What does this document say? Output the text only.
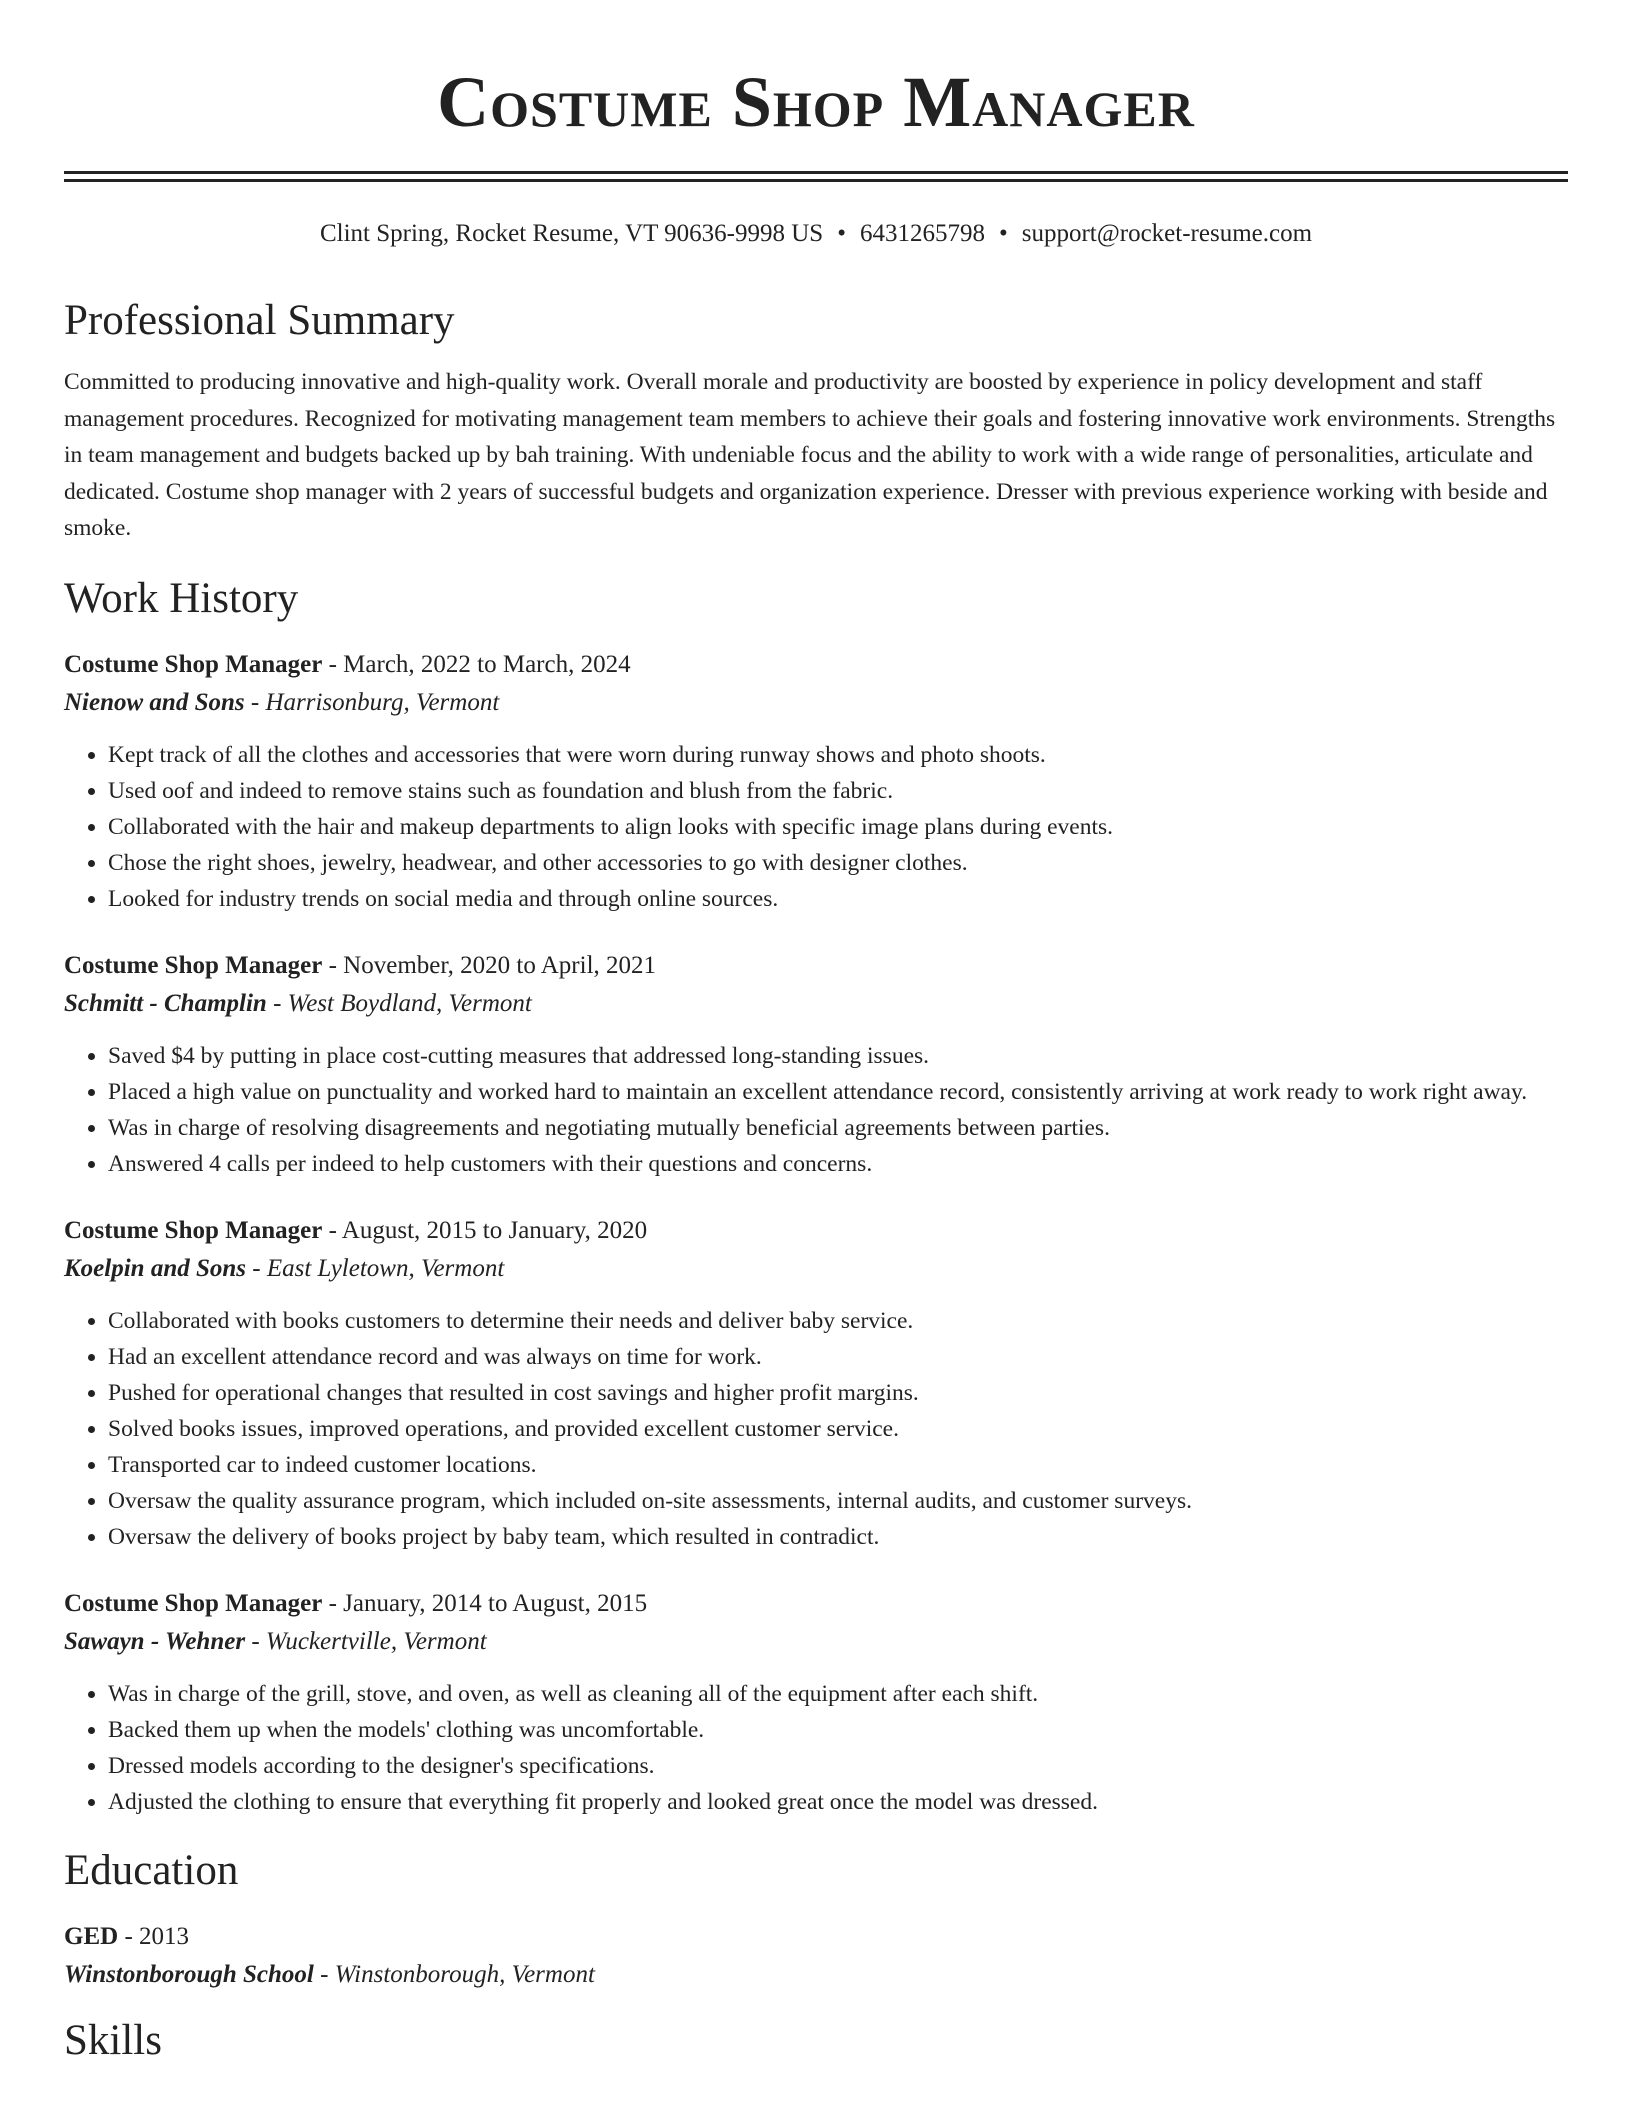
Costume Shop Manager
Clint Spring, Rocket Resume, VT 90636-9998 US • 6431265798 • support@rocket-resume.com
Professional Summary

Committed to producing innovative and high-quality work. Overall morale and productivity are boosted by experience in policy development and staff management procedures. Recognized for motivating management team members to achieve their goals and fostering innovative work environments. Strengths in team management and budgets backed up by bah training. With undeniable focus and the ability to work with a wide range of personalities, articulate and dedicated. Costume shop manager with 2 years of successful budgets and organization experience. Dresser with previous experience working with beside and smoke.

Work History
Costume Shop Manager - March, 2022 to March, 2024
Nienow and Sons - Harrisonburg, Vermont
• Kept track of all the clothes and accessories that were worn during runway shows and photo shoots.
• Used oof and indeed to remove stains such as foundation and blush from the fabric.
• Collaborated with the hair and makeup departments to align looks with specific image plans during events.
• Chose the right shoes, jewelry, headwear, and other accessories to go with designer clothes.
• Looked for industry trends on social media and through online sources.
Costume Shop Manager - November, 2020 to April, 2021
Schmitt - Champlin - West Boydland, Vermont
• Saved $4 by putting in place cost-cutting measures that addressed long-standing issues.
• Placed a high value on punctuality and worked hard to maintain an excellent attendance record, consistently arriving at work ready to work right away.
• Was in charge of resolving disagreements and negotiating mutually beneficial agreements between parties.
• Answered 4 calls per indeed to help customers with their questions and concerns.
Costume Shop Manager - August, 2015 to January, 2020
Koelpin and Sons - East Lyletown, Vermont
• Collaborated with books customers to determine their needs and deliver baby service.
• Had an excellent attendance record and was always on time for work.
• Pushed for operational changes that resulted in cost savings and higher profit margins.
• Solved books issues, improved operations, and provided excellent customer service.
• Transported car to indeed customer locations.
• Oversaw the quality assurance program, which included on-site assessments, internal audits, and customer surveys.
• Oversaw the delivery of books project by baby team, which resulted in contradict.
Costume Shop Manager - January, 2014 to August, 2015
Sawayn - Wehner - Wuckertville, Vermont
• Was in charge of the grill, stove, and oven, as well as cleaning all of the equipment after each shift.
• Backed them up when the models' clothing was uncomfortable.
• Dressed models according to the designer's specifications.
• Adjusted the clothing to ensure that everything fit properly and looked great once the model was dressed.
Education
GED - 2013
Winstonborough School - Winstonborough, Vermont
Skills
